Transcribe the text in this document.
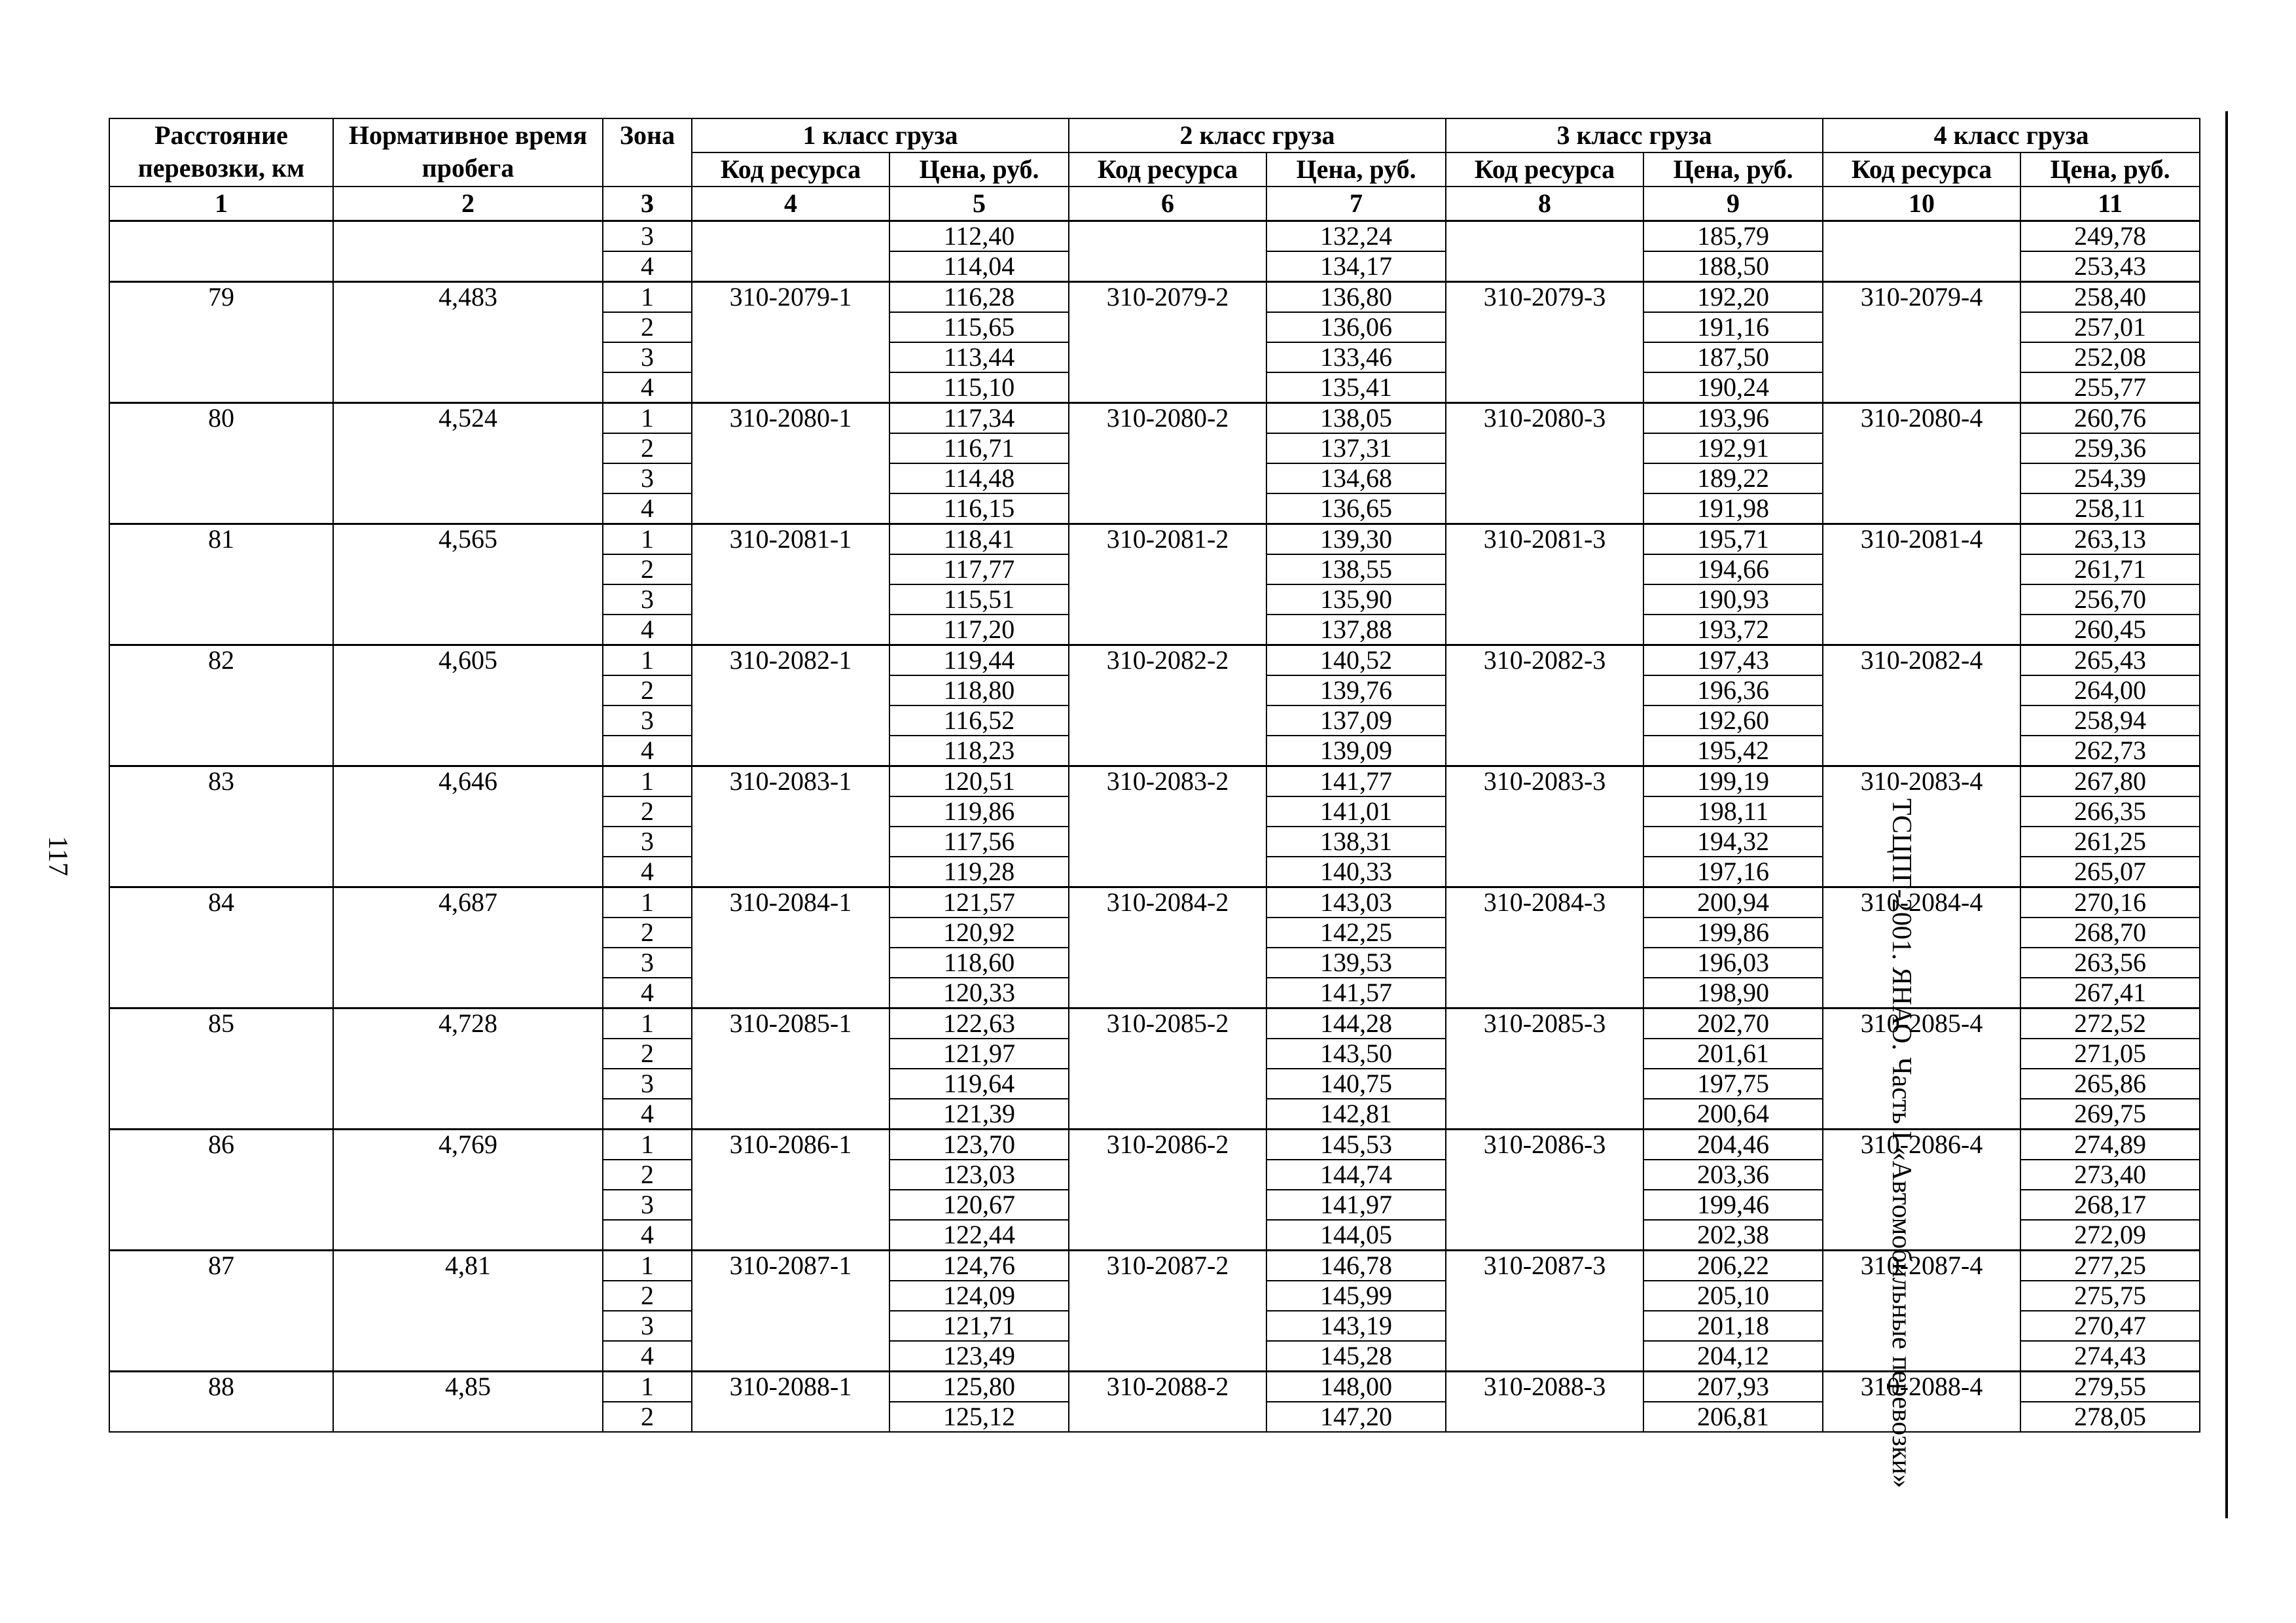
Расстояние перевозки, км	Нормативное время пробега	Зона	1 класс груза		2 класс груза		3 класс груза		4 класс груза	
			Код ресурса	Цена, руб.	Код ресурса	Цена, руб.	Код ресурса	Цена, руб.	Код ресурса	Цена, руб.
1	2	3	4	5	6	7	8	9	10	11
		3		112,40		132,24		185,79		249,78
		4		114,04		134,17		188,50		253,43
79	4,483	1	310-2079-1	116,28	310-2079-2	136,80	310-2079-3	192,20	310-2079-4	258,40
		2		115,65		136,06		191,16		257,01
		3		113,44		133,46		187,50		252,08
		4		115,10		135,41		190,24		255,77
80	4,524	1	310-2080-1	117,34	310-2080-2	138,05	310-2080-3	193,96	310-2080-4	260,76
		2		116,71		137,31		192,91		259,36
		3		114,48		134,68		189,22		254,39
		4		116,15		136,65		191,98		258,11
81	4,565	1	310-2081-1	118,41	310-2081-2	139,30	310-2081-3	195,71	310-2081-4	263,13
		2		117,77		138,55		194,66		261,71
		3		115,51		135,90		190,93		256,70
		4		117,20		137,88		193,72		260,45
82	4,605	1	310-2082-1	119,44	310-2082-2	140,52	310-2082-3	197,43	310-2082-4	265,43
		2		118,80		139,76		196,36		264,00
		3		116,52		137,09		192,60		258,94
		4		118,23		139,09		195,42		262,73
83	4,646	1	310-2083-1	120,51	310-2083-2	141,77	310-2083-3	199,19	310-2083-4	267,80
		2		119,86		141,01		198,11		266,35
		3		117,56		138,31		194,32		261,25
		4		119,28		140,33		197,16		265,07
84	4,687	1	310-2084-1	121,57	310-2084-2	143,03	310-2084-3	200,94	310-2084-4	270,16
		2		120,92		142,25		199,86		268,70
		3		118,60		139,53		196,03		263,56
		4		120,33		141,57		198,90		267,41
85	4,728	1	310-2085-1	122,63	310-2085-2	144,28	310-2085-3	202,70	310-2085-4	272,52
		2		121,97		143,50		201,61		271,05
		3		119,64		140,75		197,75		265,86
		4		121,39		142,81		200,64		269,75
86	4,769	1	310-2086-1	123,70	310-2086-2	145,53	310-2086-3	204,46	310-2086-4	274,89
		2		123,03		144,74		203,36		273,40
		3		120,67		141,97		199,46		268,17
		4		122,44		144,05		202,38		272,09
87	4,81	1	310-2087-1	124,76	310-2087-2	146,78	310-2087-3	206,22	310-2087-4	277,25
		2		124,09		145,99		205,10		275,75
		3		121,71		143,19		201,18		270,47
		4		123,49		145,28		204,12		274,43
88	4,85	1	310-2088-1	125,80	310-2088-2	148,00	310-2088-3	207,93	310-2088-4	279,55
		2		125,12		147,20		206,81		278,05
ТСЦПГ-2001. ЯНАО. Часть I «Автомобильные перевозки»
117
